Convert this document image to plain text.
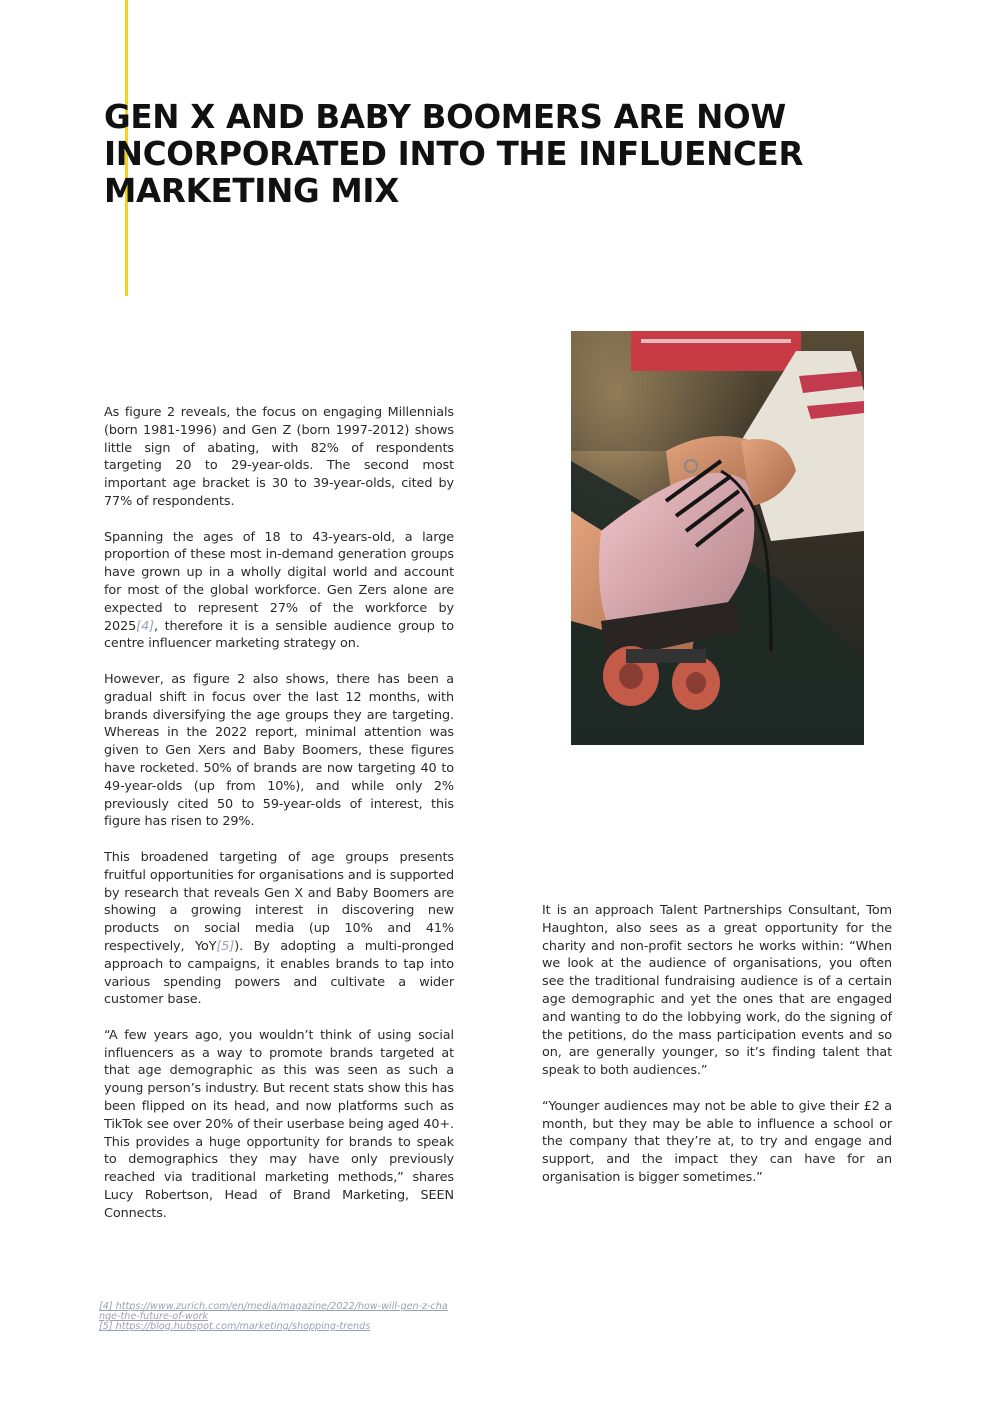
GEN X AND BABY BOOMERS ARE NOW
INCORPORATED INTO THE INFLUENCER
MARKETING MIX

As figure 2 reveals, the focus on engaging Millennials (born 1981-1996) and Gen Z (born 1997-2012) shows little sign of abating, with 82% of respondents targeting 20 to 29-year-olds. The second most important age bracket is 30 to 39-year-olds, cited by 77% of respondents.

Spanning the ages of 18 to 43-years-old, a large proportion of these most in-demand generation groups have grown up in a wholly digital world and account for most of the global workforce. Gen Zers alone are expected to represent 27% of the workforce by 2025[4], therefore it is a sensible audience group to centre influencer marketing strategy on.

However, as figure 2 also shows, there has been a gradual shift in focus over the last 12 months, with brands diversifying the age groups they are targeting. Whereas in the 2022 report, minimal attention was given to Gen Xers and Baby Boomers, these figures have rocketed. 50% of brands are now targeting 40 to 49-year-olds (up from 10%), and while only 2% previously cited 50 to 59-year-olds of interest, this figure has risen to 29%.

This broadened targeting of age groups presents fruitful opportunities for organisations and is supported by research that reveals Gen X and Baby Boomers are showing a growing interest in discovering new products on social media (up 10% and 41% respectively, YoY[5]). By adopting a multi-pronged approach to campaigns, it enables brands to tap into various spending powers and cultivate a wider customer base.

“A few years ago, you wouldn’t think of using social influencers as a way to promote brands targeted at that age demographic as this was seen as such a young person’s industry. But recent stats show this has been flipped on its head, and now platforms such as TikTok see over 20% of their userbase being aged 40+. This provides a huge opportunity for brands to speak to demographics they may have only previously reached via traditional marketing methods,” shares Lucy Robertson, Head of Brand Marketing, SEEN Connects.

It is an approach Talent Partnerships Consultant, Tom Haughton, also sees as a great opportunity for the charity and non-profit sectors he works within: “When we look at the audience of organisations, you often see the traditional fundraising audience is of a certain age demographic and yet the ones that are engaged and wanting to do the lobbying work, do the signing of the petitions, do the mass participation events and so on, are generally younger, so it’s finding talent that speak to both audiences.”

“Younger audiences may not be able to give their £2 a month, but they may be able to influence a school or the company that they’re at, to try and engage and support, and the impact they can have for an organisation is bigger sometimes.”

[4] https://www.zurich.com/en/media/magazine/2022/how-will-gen-z-change-the-future-of-work
[5] https://blog.hubspot.com/marketing/shopping-trends
